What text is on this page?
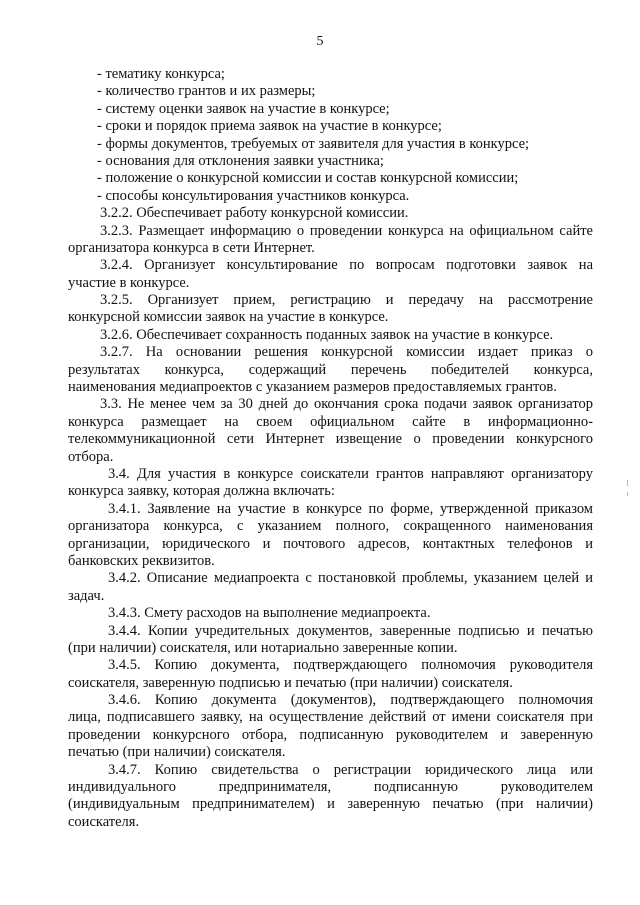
5
- тематику конкурса;
- количество грантов и их размеры;
- систему оценки заявок на участие в конкурсе;
- сроки и порядок приема заявок на участие в конкурсе;
- формы документов, требуемых от заявителя для участия в конкурсе;
- основания для отклонения заявки участника;
- положение о конкурсной комиссии и состав конкурсной комиссии;
- способы консультирования участников конкурса.
3.2.2. Обеспечивает работу конкурсной комиссии.
3.2.3. Размещает информацию о проведении конкурса на официальном сайте
организатора конкурса в сети Интернет.
3.2.4. Организует консультирование по вопросам подготовки заявок на
участие в конкурсе.
3.2.5. Организует прием, регистрацию и передачу на рассмотрение
конкурсной комиссии заявок на участие в конкурсе.
3.2.6. Обеспечивает сохранность поданных заявок на участие в конкурсе.
3.2.7. На основании решения конкурсной комиссии издает приказ о
результатах конкурса, содержащий перечень победителей конкурса,
наименования медиапроектов с указанием размеров предоставляемых грантов.
3.3. Не менее чем за 30 дней до окончания срока подачи заявок организатор
конкурса размещает на своем официальном сайте в информационно-
телекоммуникационной сети Интернет извещение о проведении конкурсного
отбора.
3.4. Для участия в конкурсе соискатели грантов направляют организатору
конкурса заявку, которая должна включать:
3.4.1. Заявление на участие в конкурсе по форме, утвержденной приказом
организатора конкурса, с указанием полного, сокращенного наименования
организации, юридического и почтового адресов, контактных телефонов и
банковских реквизитов.
3.4.2. Описание медиапроекта с постановкой проблемы, указанием целей и
задач.
3.4.3. Смету расходов на выполнение медиапроекта.
3.4.4. Копии учредительных документов, заверенные подписью и печатью
(при наличии) соискателя, или нотариально заверенные копии.
3.4.5. Копию документа, подтверждающего полномочия руководителя
соискателя, заверенную подписью и печатью (при наличии) соискателя.
3.4.6. Копию документа (документов), подтверждающего полномочия
лица, подписавшего заявку, на осуществление действий от имени соискателя при
проведении конкурсного отбора, подписанную руководителем и заверенную
печатью (при наличии) соискателя.
3.4.7. Копию свидетельства о регистрации юридического лица или
индивидуального предпринимателя, подписанную руководителем
(индивидуальным предпринимателем) и заверенную печатью (при наличии)
соискателя.
